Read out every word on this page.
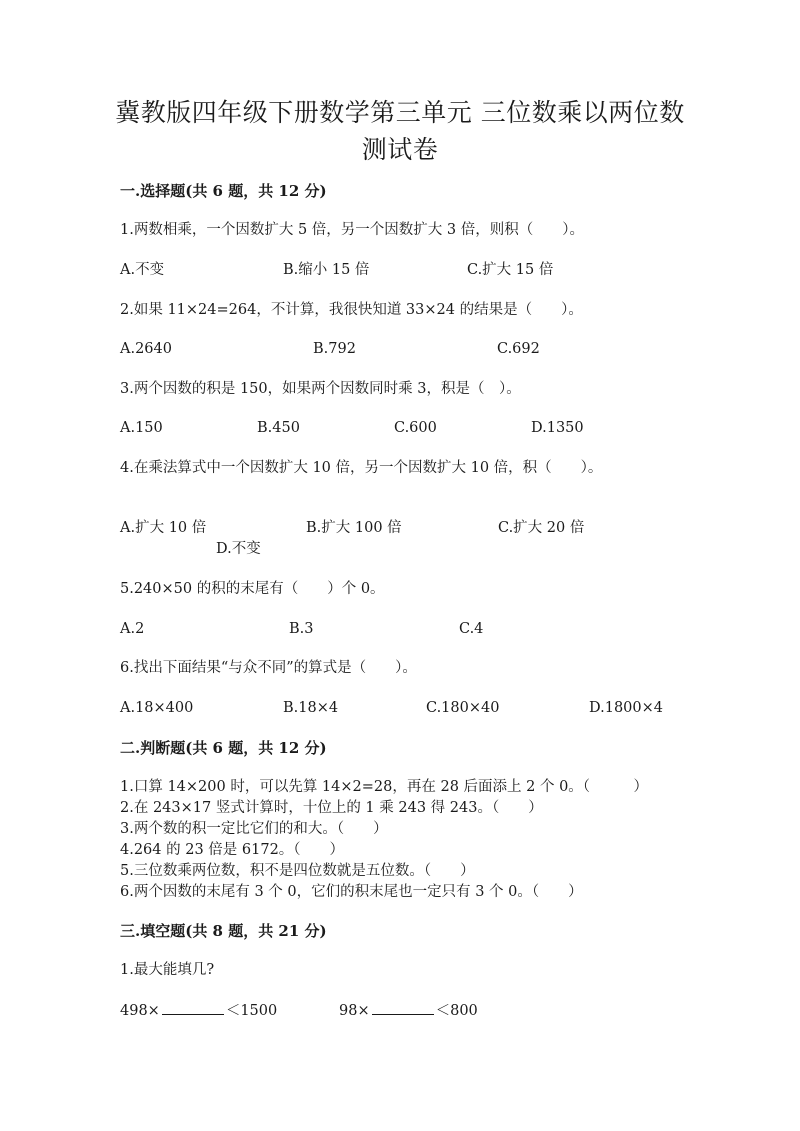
冀教版四年级下册数学第三单元 三位数乘以两位数
测试卷
一.选择题(共 6 题，共 12 分)
1.两数相乘，一个因数扩大 5 倍，另一个因数扩大 3 倍，则积（　　）。
A.不变	B.缩小 15 倍	C.扩大 15 倍
2.如果 11×24=264，不计算，我很快知道 33×24 的结果是（　　）。
A.2640	B.792	C.692
3.两个因数的积是 150，如果两个因数同时乘 3，积是（　）。
A.150	B.450	C.600	D.1350
4.在乘法算式中一个因数扩大 10 倍，另一个因数扩大 10 倍，积（　　）。
A.扩大 10 倍	B.扩大 100 倍	C.扩大 20 倍
D.不变
5.240×50 的积的末尾有（　　）个 0。
A.2	B.3	C.4
6.找出下面结果“与众不同”的算式是（　　）。
A.18×400	B.18×4	C.180×40	D.1800×4
二.判断题(共 6 题，共 12 分)
1.口算 14×200 时，可以先算 14×2=28，再在 28 后面添上 2 个 0。（　　　）
2.在 243×17 竖式计算时，十位上的 1 乘 243 得 243。（　　）
3.两个数的积一定比它们的和大。（　　）
4.264 的 23 倍是 6172。（　　）
5.三位数乘两位数，积不是四位数就是五位数。（　　）
6.两个因数的末尾有 3 个 0，它们的积末尾也一定只有 3 个 0。（　　）
三.填空题(共 8 题，共 21 分)
1.最大能填几?
498×	＜1500	98×	＜800
